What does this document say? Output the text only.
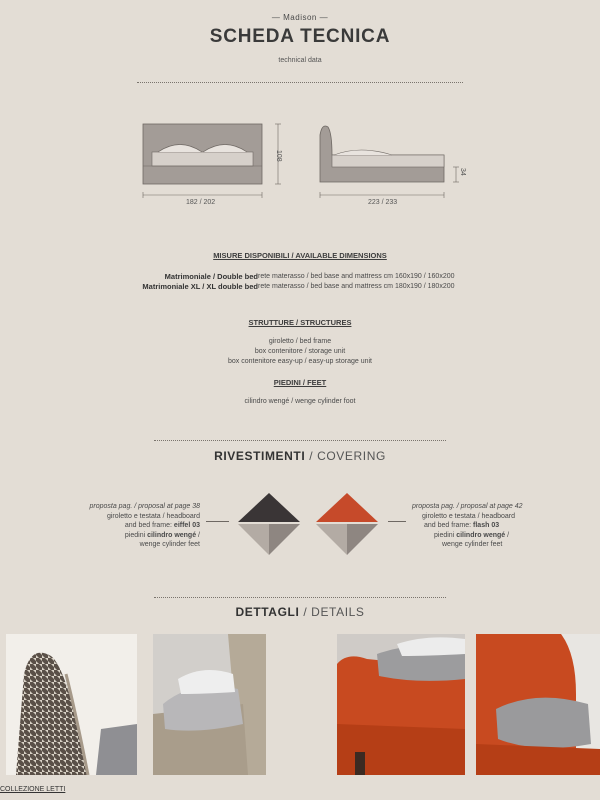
— Madison —
SCHEDA TECNICA
technical data
182 / 202
108
223 / 233
34
MISURE DISPONIBILI / AVAILABLE DIMENSIONS
Matrimoniale / Double bed rete materasso / bed base and mattress cm 160x190 / 160x200
Matrimoniale XL / XL double bed rete materasso / bed base and mattress cm 180x190 / 180x200
STRUTTURE / STRUCTURES
giroletto / bed frame
box contenitore / storage unit
box contenitore easy-up / easy-up storage unit
PIEDINI / FEET
cilindro wengé / wenge cylinder foot
RIVESTIMENTI / COVERING
proposta pag. / proposal at page 38
giroletto e testata / headboard
and bed frame: eiffel 03
piedini cilindro wengé /
wenge cylinder feet
proposta pag. / proposal at page 42
giroletto e testata / headboard
and bed frame: flash 03
piedini cilindro wengé /
wenge cylinder feet
DETTAGLI / DETAILS
COLLEZIONE LETTI
